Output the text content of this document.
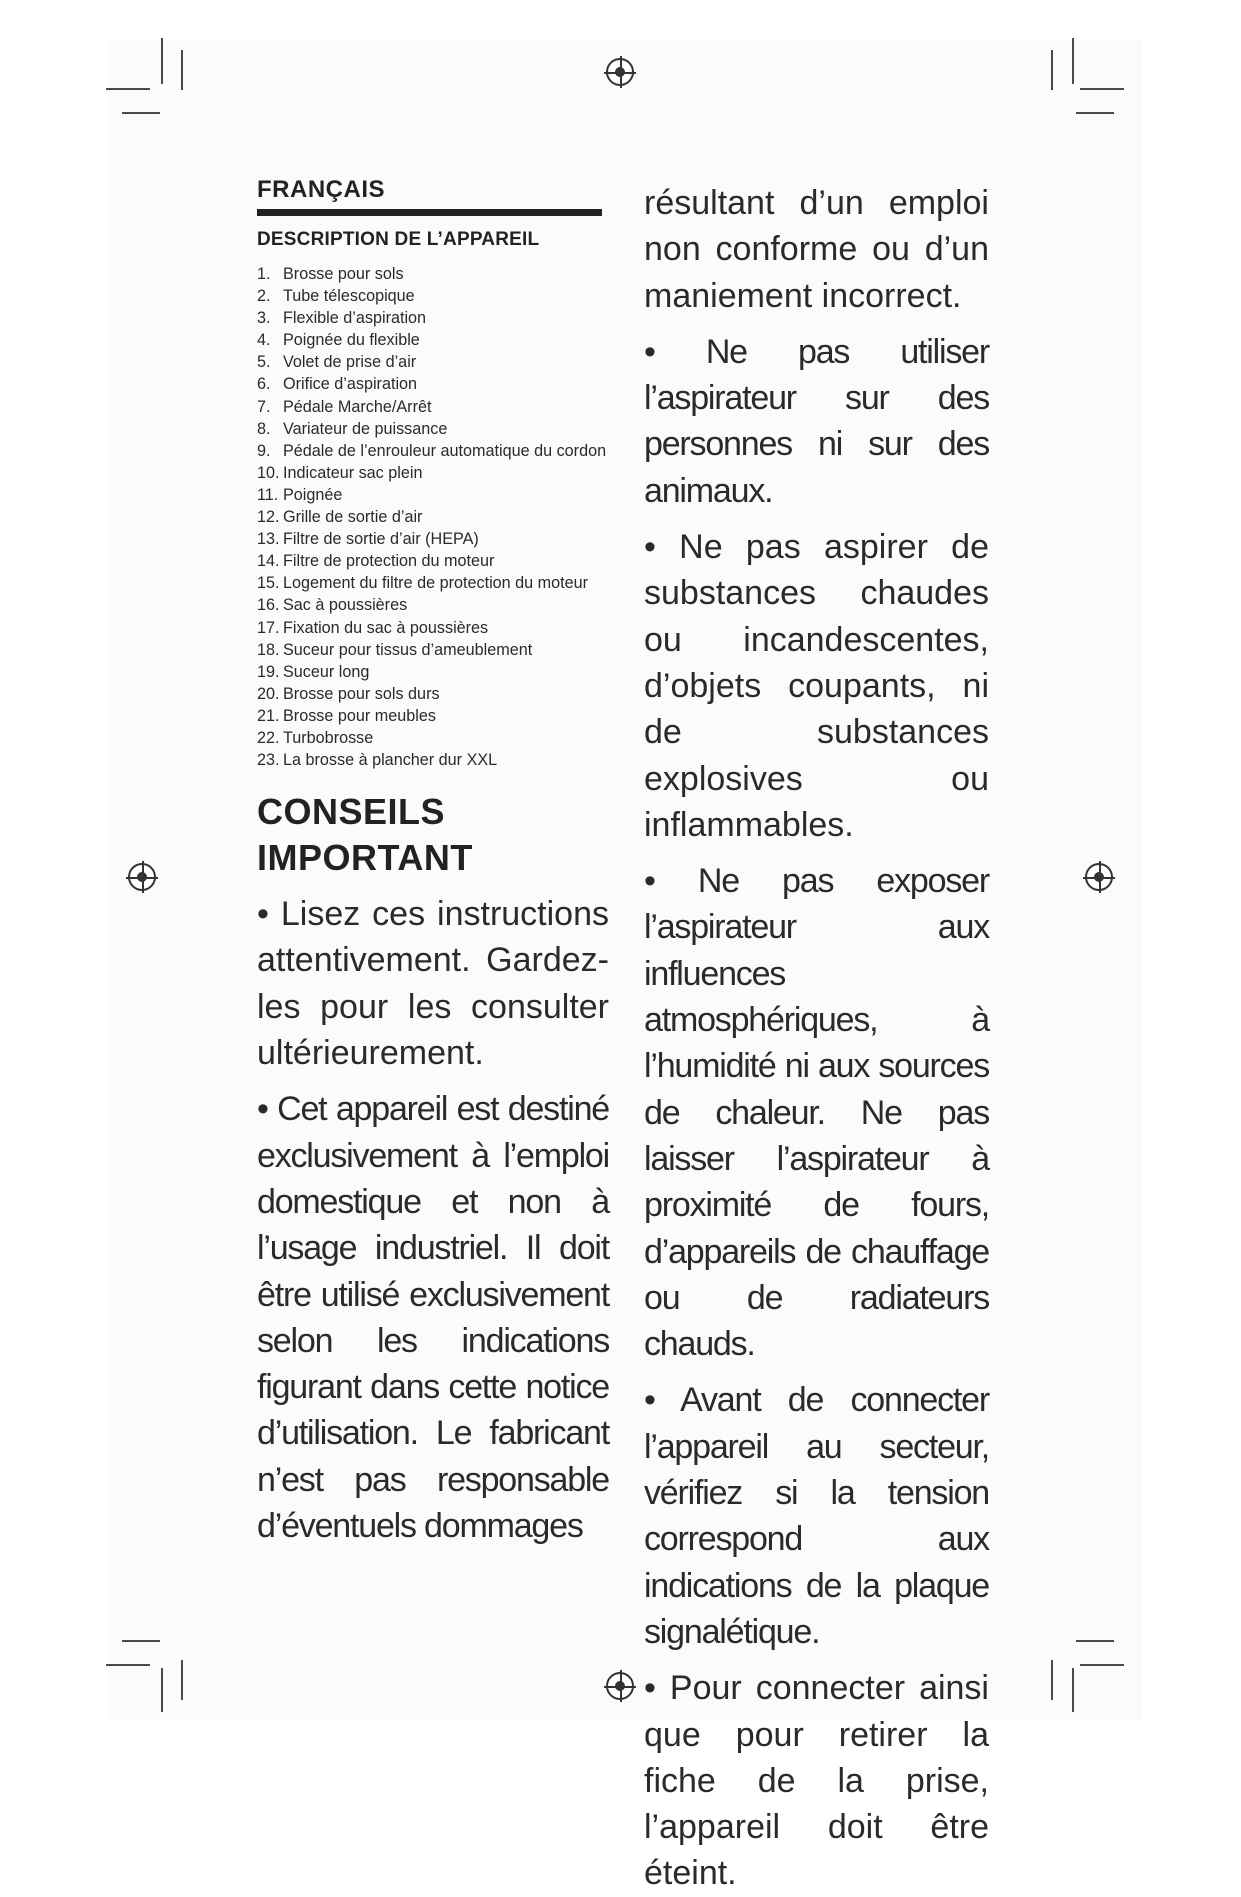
FRANÇAIS
DESCRIPTION DE L’APPAREIL
1. Brosse pour sols
2. Tube télescopique
3. Flexible d’aspiration
4. Poignée du flexible
5. Volet de prise d’air
6. Orifice d’aspiration
7. Pédale Marche/Arrêt
8. Variateur de puissance
9. Pédale de l’enrouleur automatique du cordon
10. Indicateur sac plein
11. Poignée
12. Grille de sortie d’air
13. Filtre de sortie d’air (HEPA)
14. Filtre de protection du moteur
15. Logement du filtre de protection du moteur
16. Sac à poussières
17. Fixation du sac à poussières
18. Suceur pour tissus d’ameublement
19. Suceur long
20. Brosse pour sols durs
21. Brosse pour meubles
22. Turbobrosse
23. La brosse à plancher dur XXL
CONSEILS
IMPORTANT

• Lisez ces instructions attentivement. Gardez-les pour les consulter ultérieurement.

• Cet appareil est destiné exclusivement à l’emploi domestique et non à l’usage industriel. Il doit être utilisé exclusivement selon les indications figurant dans cette notice d’utilisation. Le fabricant n’est pas responsable d’éventuels dommages

résultant d’un emploi non conforme ou d’un maniement incorrect.

• Ne pas utiliser l’aspirateur sur des personnes ni sur des animaux.

• Ne pas aspirer de substances chaudes ou incandescentes, d’objets coupants, ni de substances explosives ou inflammables.

• Ne pas exposer l’aspirateur aux influences atmosphériques, à l’humidité ni aux sources de chaleur. Ne pas laisser l’aspirateur à proximité de fours, d’appareils de chauffage ou de radiateurs chauds.

• Avant de connecter l’appareil au secteur, vérifiez si la tension correspond aux indications de la plaque signalétique.

• Pour connecter ainsi que pour retirer la fiche de la prise, l’appareil doit être éteint.
